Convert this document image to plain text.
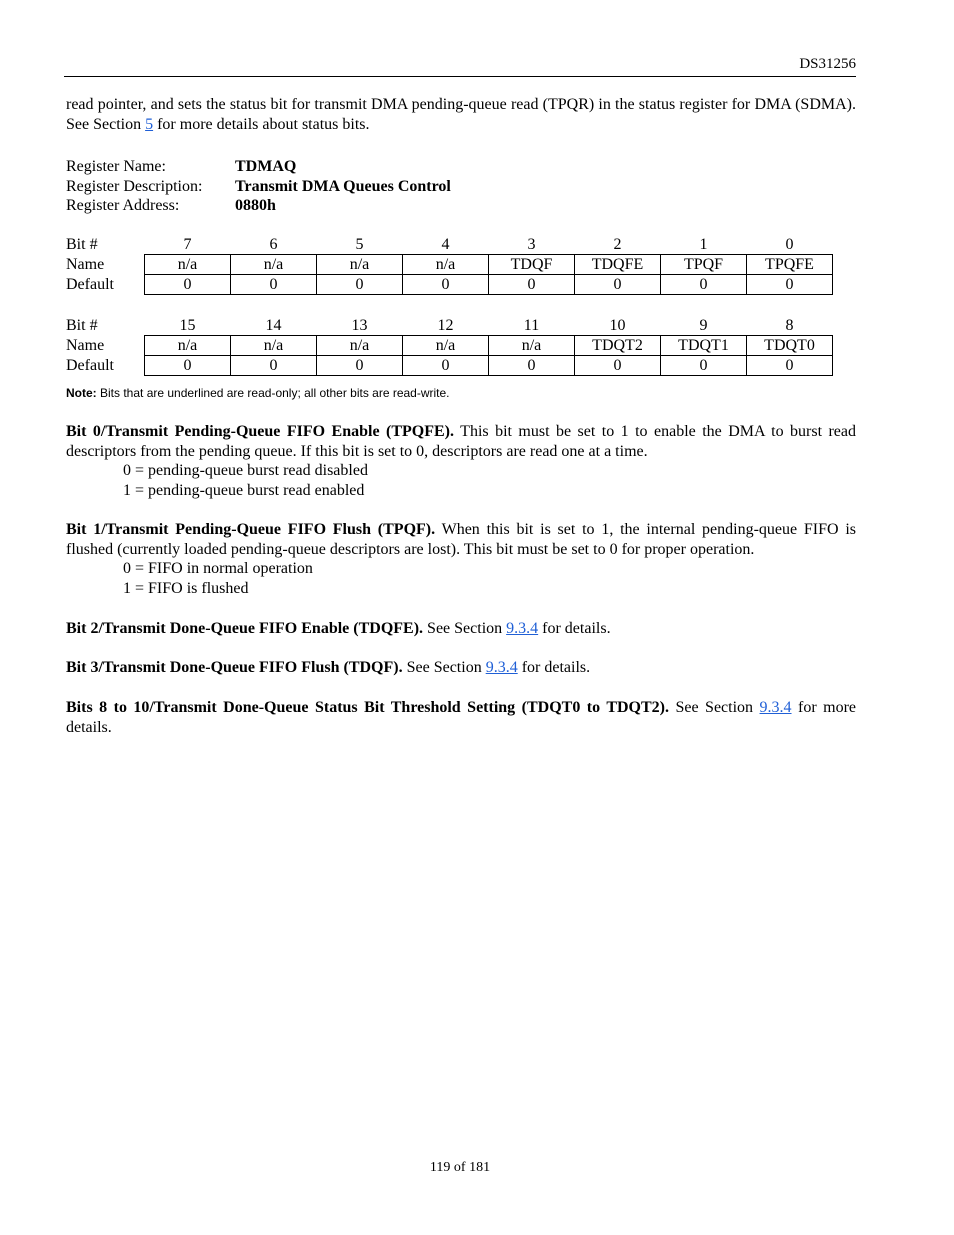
DS31256

read pointer, and sets the status bit for transmit DMA pending-queue read (TPQR) in the status register for DMA (SDMA). See Section 5 for more details about status bits.

Register Name:	TDMAQ
Register Description:	Transmit DMA Queues Control
Register Address:	0880h
Bit #	7	6	5	4	3	2	1	0
Name	n/a	n/a	n/a	n/a	TDQF	TDQFE	TPQF	TPQFE
Default	0	0	0	0	0	0	0	0
Bit #	15	14	13	12	11	10	9	8
Name	n/a	n/a	n/a	n/a	n/a	TDQT2	TDQT1	TDQT0
Default	0	0	0	0	0	0	0	0
Note: Bits that are underlined are read-only; all other bits are read-write.

Bit 0/Transmit Pending-Queue FIFO Enable (TPQFE). This bit must be set to 1 to enable the DMA to burst read descriptors from the pending queue. If this bit is set to 0, descriptors are read one at a time.

0 = pending-queue burst read disabled
1 = pending-queue burst read enabled

Bit 1/Transmit Pending-Queue FIFO Flush (TPQF). When this bit is set to 1, the internal pending-queue FIFO is flushed (currently loaded pending-queue descriptors are lost). This bit must be set to 0 for proper operation.

0 = FIFO in normal operation
1 = FIFO is flushed

Bit 2/Transmit Done-Queue FIFO Enable (TDQFE). See Section 9.3.4 for details.

Bit 3/Transmit Done-Queue FIFO Flush (TDQF). See Section 9.3.4 for details.

Bits 8 to 10/Transmit Done-Queue Status Bit Threshold Setting (TDQT0 to TDQT2). See Section 9.3.4 for more details.

119 of 181
